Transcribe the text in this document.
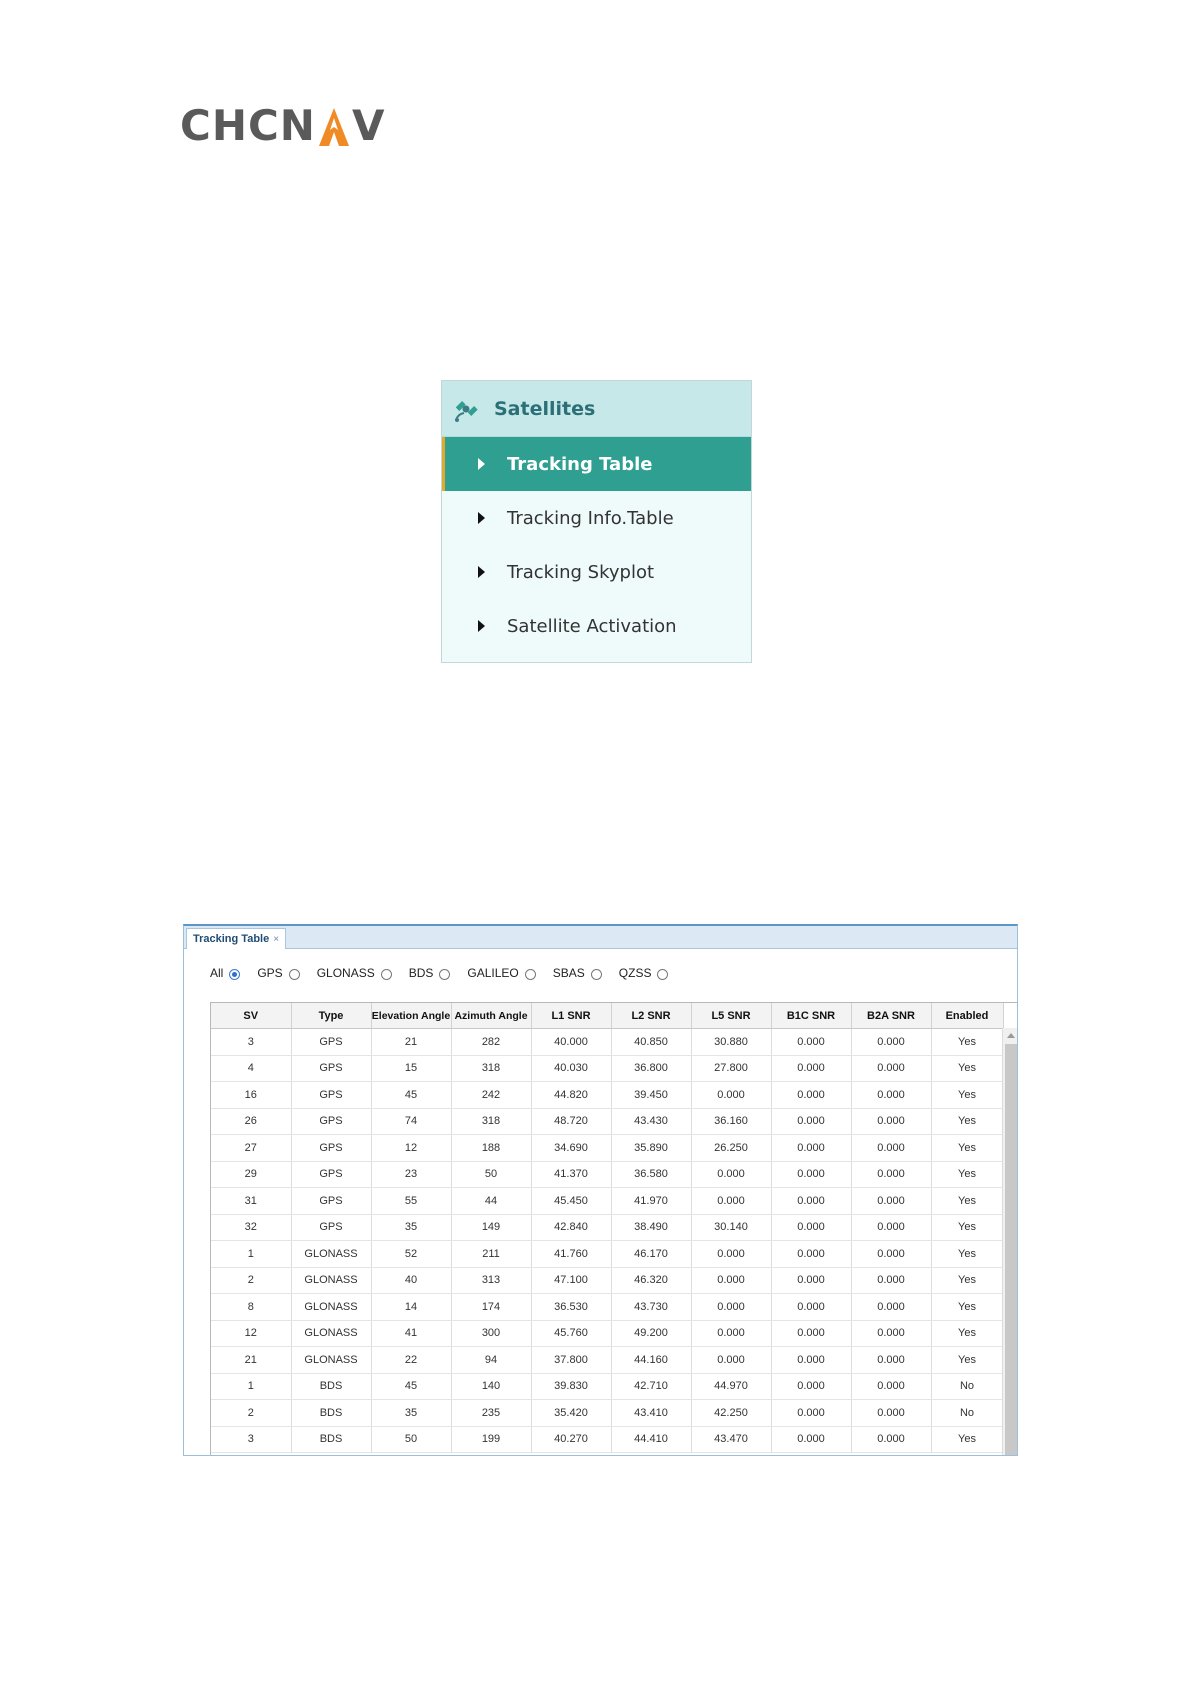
CHCN V
Satellites
Tracking Table
Tracking Info.Table
Tracking Skyplot
Satellite Activation
Tracking Table ×
All	GPS	GLONASS	BDS	GALILEO	SBAS	QZSS
SV	Type	Elevation Angle	Azimuth Angle	L1 SNR	L2 SNR	L5 SNR	B1C SNR	B2A SNR	Enabled
3	GPS	21	282	40.000	40.850	30.880	0.000	0.000	Yes
4	GPS	15	318	40.030	36.800	27.800	0.000	0.000	Yes
16	GPS	45	242	44.820	39.450	0.000	0.000	0.000	Yes
26	GPS	74	318	48.720	43.430	36.160	0.000	0.000	Yes
27	GPS	12	188	34.690	35.890	26.250	0.000	0.000	Yes
29	GPS	23	50	41.370	36.580	0.000	0.000	0.000	Yes
31	GPS	55	44	45.450	41.970	0.000	0.000	0.000	Yes
32	GPS	35	149	42.840	38.490	30.140	0.000	0.000	Yes
1	GLONASS	52	211	41.760	46.170	0.000	0.000	0.000	Yes
2	GLONASS	40	313	47.100	46.320	0.000	0.000	0.000	Yes
8	GLONASS	14	174	36.530	43.730	0.000	0.000	0.000	Yes
12	GLONASS	41	300	45.760	49.200	0.000	0.000	0.000	Yes
21	GLONASS	22	94	37.800	44.160	0.000	0.000	0.000	Yes
1	BDS	45	140	39.830	42.710	44.970	0.000	0.000	No
2	BDS	35	235	35.420	43.410	42.250	0.000	0.000	No
3	BDS	50	199	40.270	44.410	43.470	0.000	0.000	Yes
